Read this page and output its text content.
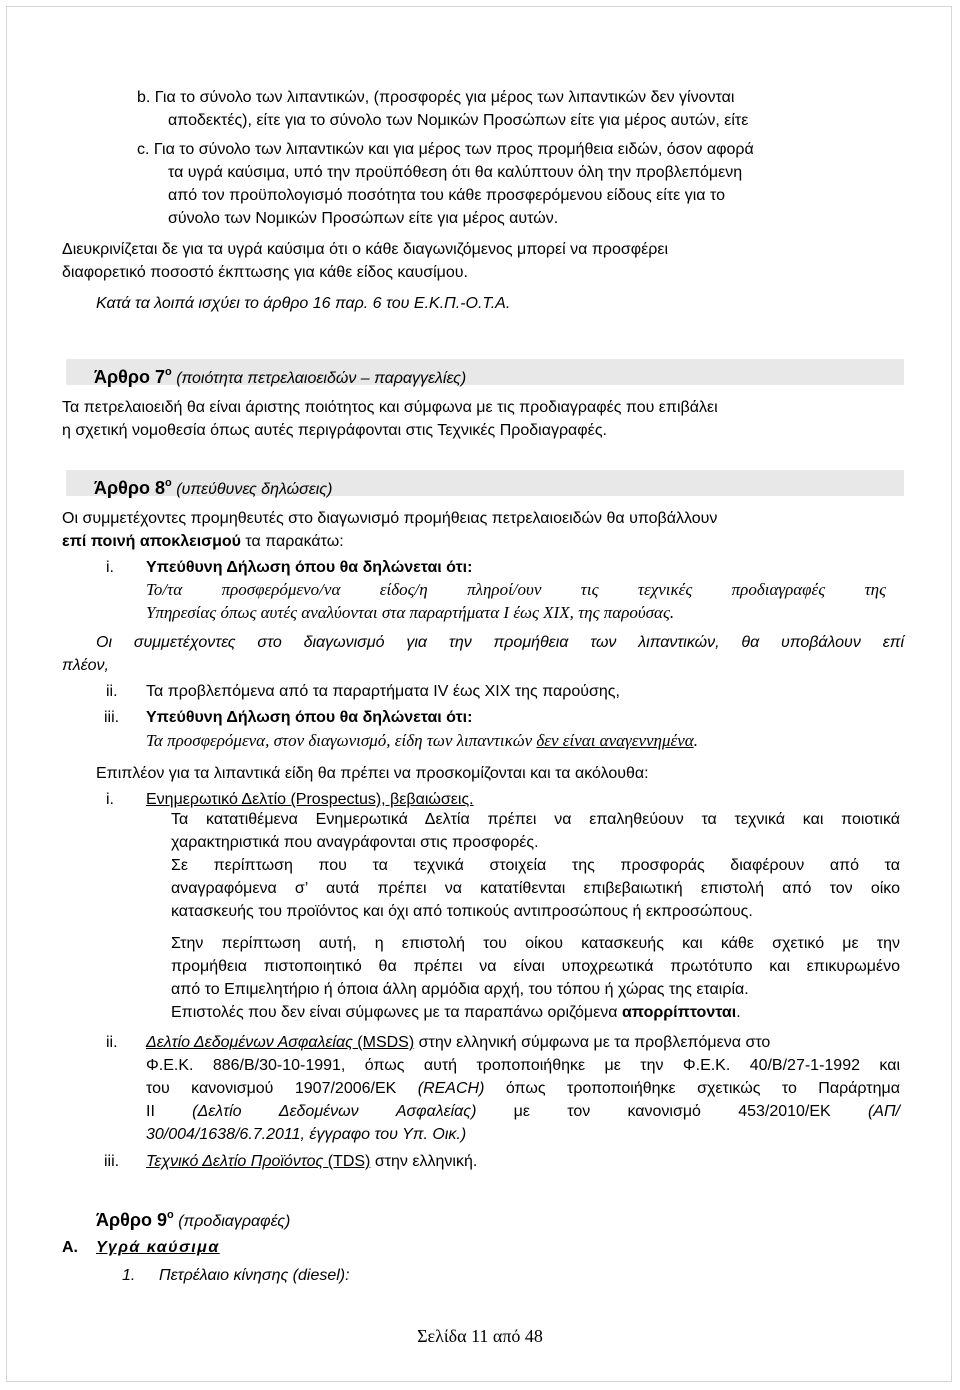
b. Για το σύνολο των λιπαντικών, (προσφορές για μέρος των λιπαντικών δεν γίνονται
αποδεκτές), είτε για το σύνολο των Νομικών Προσώπων είτε για μέρος αυτών, είτε
c. Για το σύνολο των λιπαντικών και για μέρος των προς προμήθεια ειδών, όσον αφορά
τα υγρά καύσιμα, υπό την προϋπόθεση ότι θα καλύπτουν όλη την προβλεπόμενη
από τον προϋπολογισμό ποσότητα του κάθε προσφερόμενου είδους είτε για το
σύνολο των Νομικών Προσώπων είτε για μέρος αυτών.
Διευκρινίζεται δε για τα υγρά καύσιμα ότι ο κάθε διαγωνιζόμενος μπορεί να προσφέρει
διαφορετικό ποσοστό έκπτωσης για κάθε είδος καυσίμου.
Κατά τα λοιπά ισχύει το άρθρο 16 παρ. 6 του Ε.Κ.Π.-Ο.Τ.Α.
Άρθρο $7^o$ (ποιότητα πετρελαιοειδών – παραγγελίες)
Τα πετρελαιοειδή θα είναι άριστης ποιότητος και σύμφωνα με τις προδιαγραφές που επιβάλει
η σχετική νομοθεσία όπως αυτές περιγράφονται στις Τεχνικές Προδιαγραφές.
Άρθρο $8^o$ (υπεύθυνες δηλώσεις)
Οι συμμετέχοντες προμηθευτές στο διαγωνισμό προμήθειας πετρελαιοειδών θα υποβάλλουν
επί ποινή αποκλεισμού τα παρακάτω:
i. Υπεύθυνη Δήλωση όπου θα δηλώνεται ότι:
Το/τα προσφερόμενο/να είδος/η πληροί/ουν τις τεχνικές προδιαγραφές της
Υπηρεσίας όπως αυτές αναλύονται στα παραρτήματα Ι έως ΧΙΧ, της παρούσας.
Οι συμμετέχοντες στο διαγωνισμό για την προμήθεια των λιπαντικών, θα υποβάλουν επί
πλέον,
ii. Τα προβλεπόμενα από τα παραρτήματα IV έως XIX της παρούσης,
iii. Υπεύθυνη Δήλωση όπου θα δηλώνεται ότι:
Τα προσφερόμενα, στον διαγωνισμό, είδη των λιπαντικών δεν είναι αναγεννημένα.
Επιπλέον για τα λιπαντικά είδη θα πρέπει να προσκομίζονται και τα ακόλουθα:
i. Ενημερωτικό Δελτίο (Prospectus), βεβαιώσεις.
Τα κατατιθέμενα Ενημερωτικά Δελτία πρέπει να επαληθεύουν τα τεχνικά και ποιοτικά
χαρακτηριστικά που αναγράφονται στις προσφορές.
Σε περίπτωση που τα τεχνικά στοιχεία της προσφοράς διαφέρουν από τα
αναγραφόμενα σ’ αυτά πρέπει να κατατίθενται επιβεβαιωτική επιστολή από τον οίκο
κατασκευής του προϊόντος και όχι από τοπικούς αντιπροσώπους ή εκπροσώπους.
Στην περίπτωση αυτή, η επιστολή του οίκου κατασκευής και κάθε σχετικό με την
προμήθεια πιστοποιητικό θα πρέπει να είναι υποχρεωτικά πρωτότυπο και επικυρωμένο
από το Επιμελητήριο ή όποια άλλη αρμόδια αρχή, του τόπου ή χώρας της εταιρία.
Επιστολές που δεν είναι σύμφωνες με τα παραπάνω οριζόμενα απορρίπτονται.
ii. Δελτίο Δεδομένων Ασφαλείας (MSDS) στην ελληνική σύμφωνα με τα προβλεπόμενα στο
Φ.Ε.Κ. 886/Β/30-10-1991, όπως αυτή τροποποιήθηκε με την Φ.Ε.Κ. 40/Β/27-1-1992 και
του κανονισμού 1907/2006/ΕΚ (REACH) όπως τροποποιήθηκε σχετικώς το Παράρτημα
ΙΙ (Δελτίο Δεδομένων Ασφαλείας) με τον κανονισμό 453/2010/ΕΚ (ΑΠ/
30/004/1638/6.7.2011, έγγραφο του Υπ. Οικ.)
iii. Τεχνικό Δελτίο Προϊόντος (TDS) στην ελληνική.
Άρθρο $9^o$ (προδιαγραφές)
Α. Υγρά καύσιμα
1. Πετρέλαιο κίνησης (diesel):
Σελίδα 11 από 48
